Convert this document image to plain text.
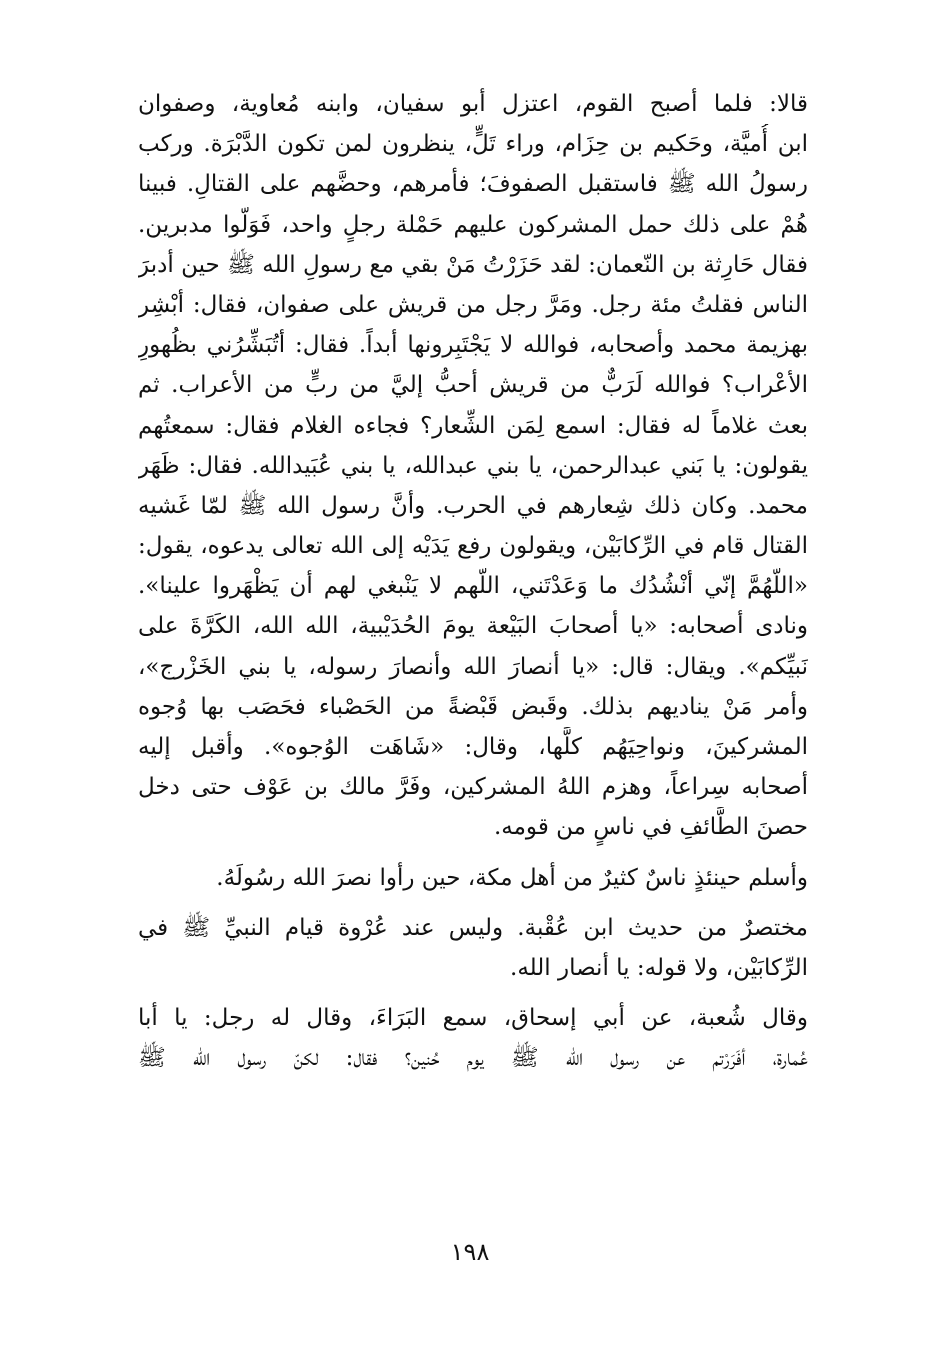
قالا: فلما أصبح القوم، اعتزل أبو سفيان، وابنه مُعاوية، وصفوان
ابن أُميَّة، وحَكيم بن حِزَام، وراء تَلٍّ، ينظرون لمن تكون الدَّبْرَة. وركب
رسولُ الله ﷺ فاستقبل الصفوفَ؛ فأمرهم، وحضَّهم على القتالِ. فبينا
هُمْ على ذلك حمل المشركون عليهم حَمْلة رجلٍ واحد، فَوَلّوا مدبرين.
فقال حَارِثة بن النّعمان: لقد حَزَرْتُ مَنْ بقي مع رسولِ الله ﷺ حين أدبرَ
الناس فقلتُ مئة رجل. ومَرَّ رجل من قريش على صفوان، فقال: أبْشِر
بهزيمة محمد وأصحابه، فوالله لا يَجْتَبِرونها أبداً. فقال: أتُبَشِّرُني بظُهورِ
الأعْراب؟ فوالله لَرَبٌّ من قريش أحبُّ إليَّ من ربٍّ من الأعراب. ثم
بعث غلاماً له فقال: اسمع لِمَن الشِّعار؟ فجاءه الغلام فقال: سمعتُهم
يقولون: يا بَني عبدالرحمن، يا بني عبدالله، يا بني عُبَيدالله. فقال: ظَهَر
محمد. وكان ذلك شِعارهم في الحرب. وأنَّ رسول الله ﷺ لمّا غَشيه
القتال قام في الرِّكابَيْن، ويقولون رفع يَدَيْه إلى الله تعالى يدعوه، يقول:
«اللّهُمَّ إنّي أنْشُدُك ما وَعَدْتَني، اللّهم لا يَنْبغي لهم أن يَظْهَروا علينا».
ونادى أصحابه: «يا أصحابَ البَيْعة يومَ الحُدَيْبية، الله الله، الكَرَّةَ على
نَبيِّكم». ويقال: قال: «يا أنصارَ الله وأنصارَ رسوله، يا بني الخَزْرج»،
وأمر مَنْ يناديهم بذلك. وقَبض قَبْضةً من الحَصْباء فحَصَب بها وُجوه
المشركينَ، ونواحِيَهُم كلَّها، وقال: «شَاهَت الوُجوه». وأقبل إليه
أصحابه سِراعاً، وهزم اللهُ المشركين، وفَرَّ مالك بن عَوْف حتى دخل
حصنَ الطَّائفِ في ناسٍ من قومه.
وأسلم حينئذٍ ناسٌ كثيرٌ من أهل مكة، حين رأوا نصرَ الله رسُولَهُ.
مختصرٌ من حديث ابن عُقْبة. وليس عند عُرْوة قيام النبيِّ ﷺ في
الرِّكابَيْن، ولا قوله: يا أنصار الله.
وقال شُعبة، عن أبي إسحاق، سمع البَرَاءَ، وقال له رجل: يا أبا
عُمارة، أفَرَرْتم عن رسول الله ﷺ يوم حُنين؟ فقال: لكنّ رسول الله ﷺ
١٩٨
